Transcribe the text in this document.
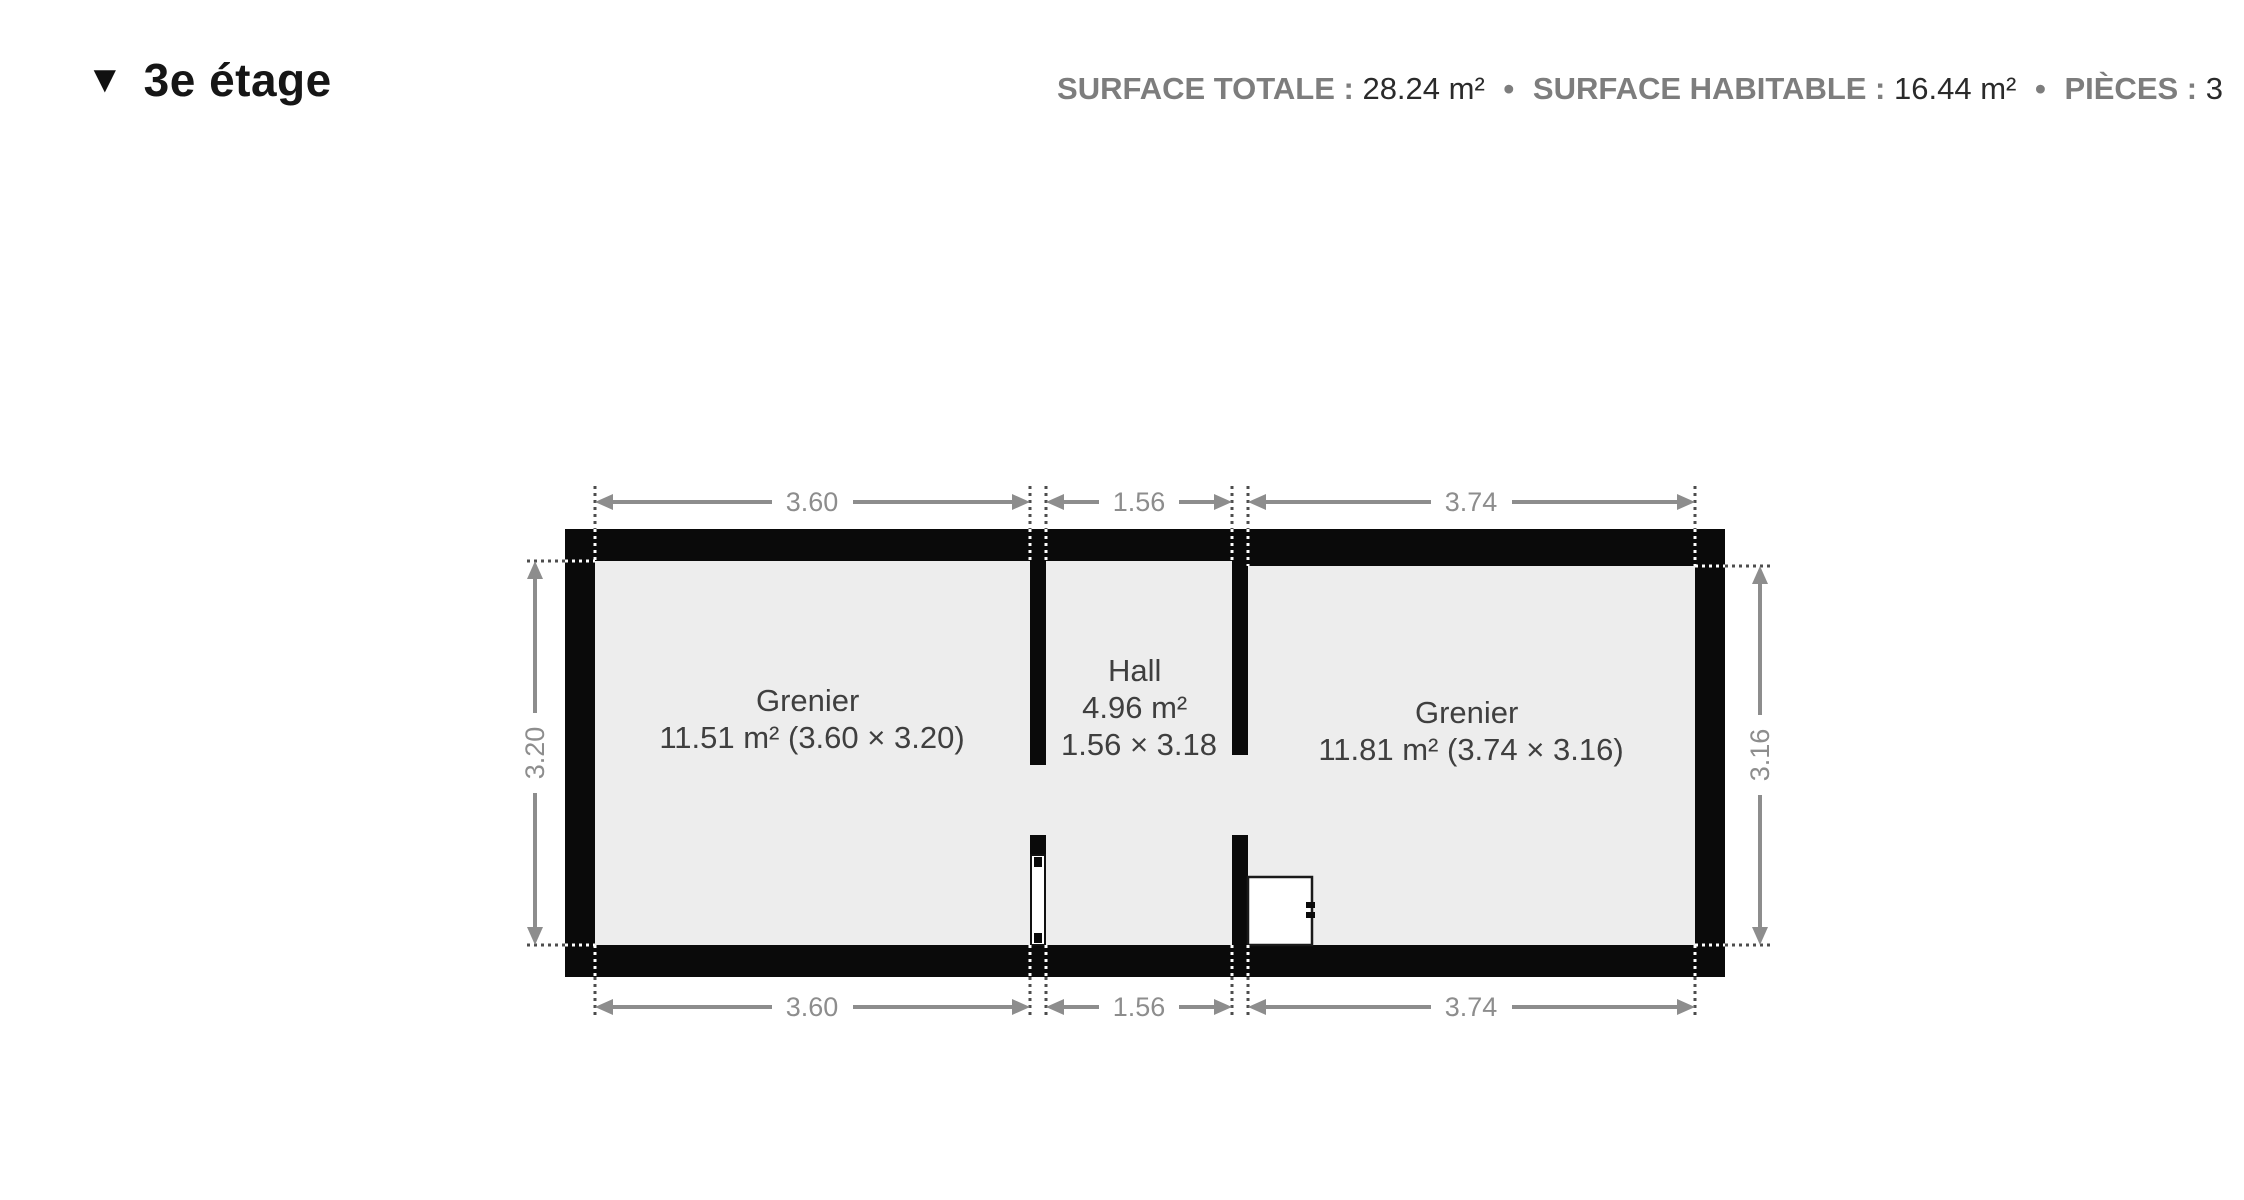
▼ 3e étage	SURFACE TOTALE : 28.24 m² • SURFACE HABITABLE : 16.44 m² • PIÈCES : 3
3.60	1.56	3.74
3.60	1.56	3.74
3.20	3.16
Grenier 11.51 m² (3.60 × 3.20)
Hall 4.96 m² 1.56 × 3.18
Grenier 11.81 m² (3.74 × 3.16)
